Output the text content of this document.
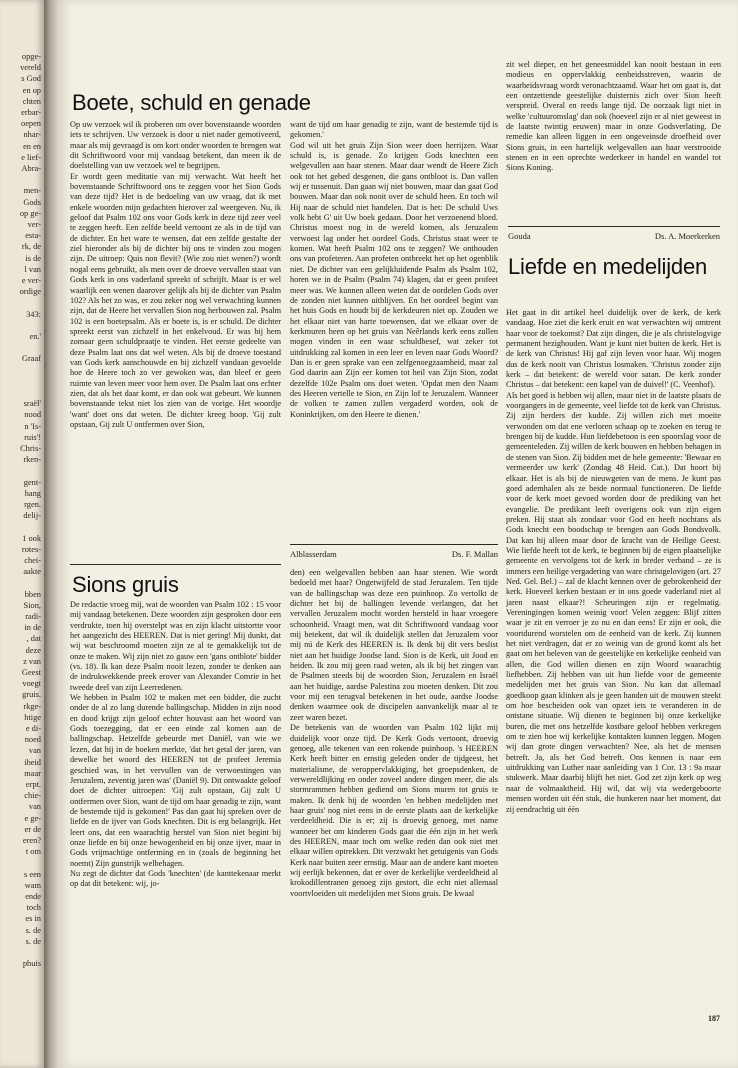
opge-
vereld
s God
en op
chten
erbar-
oepen
nhar-
en en
e lief-
Abra-
men-
Gods
op ge-
ver-
esta-
rk, de
is de
l van
e ver-
ordige
343:
en.'
Graaf
sraël'
nood
n 'Is-
ruis'!
Chris-
rken-
gent-
hang
rgen.
delij-
1 ook
rotes-
chei-
aakte
bben
Sion,
radi-
in de
, dat
deze
z van
Geest
voegt
gruis.
rkge-
htige
e di-
noed
van
iheid
maar
erpt.
chie-
van
e ge-
er de
eren?
t om
s een
wam
ende
toch
es in
s. de
s. de
phuis

zit wel dieper, en het geneesmiddel kan nooit bestaan in een modieus en oppervlakkig eenheidsstreven, waarin de waarheidsvraag wordt veronachtzaamd. Waar het om gaat is, dat een ontzettende geestelijke duisternis zich over Sion heeft verspreid. Overal en reeds lange tijd. De oorzaak ligt niet in welke 'cultuuromslag' dan ook (hoeveel zijn er al niet geweest in de laatste twintig eeuwen) maar in onze Godsverlating. De remedie kan alleen liggen in een ongeveinsde droefheid over Sions gruis, in een hartelijk welgevallen aan haar verstrooide stenen en in een oprechte wederkeer in handel en wandel tot Sions Koning.

Gouda	Ds. A. Moerkerken
Boete, schuld en genade

Op uw verzoek wil ik proberen om over bovenstaande woorden iets te schrijven. Uw verzoek is door u niet nader gemotiveerd, maar als mij gevraagd is om kort onder woorden te brengen wat dit Schriftwoord voor mij vandaag betekent, dan meen ik de doelstelling van uw verzoek wel te begrijpen.

Er wordt geen meditatie van mij verwacht. Wat heeft het bovenstaande Schriftwoord ons te zeggen voor het Sion Gods van deze tijd? Het is de bedoeling van uw vraag, dat ik met enkele woorden mijn gedachten hierover zal weergeven. Nu, ik geloof dat Psalm 102 ons voor Gods kerk in deze tijd zeer veel te zeggen heeft. Een zelfde beeld vertoont ze als in de tijd van de dichter. En het ware te wensen, dat een zelfde gestalte der ziel hieronder als bij de dichter bij ons te vinden zou mogen zijn. De uitroep: Quis non flevit? (Wie zou niet wenen?) wordt nogal eens gebruikt, als men over de droeve vervallen staat van Gods kerk in ons vaderland spreekt of schrijft. Maar is er wel waarlijk een wenen daarover gelijk als bij de dichter van Psalm 102? Als het zo was, er zou zeker nog wel verwachting kunnen zijn, dat de Heere het vervallen Sion nog herbouwen zal. Psalm 102 is een boetepsalm. Als er boete is, is er schuld. De dichter spreekt eerst van zichzelf in het enkelvoud. Er was bij hem zomaar geen schuldpraatje te vinden. Het eerste gedeelte van deze Psalm laat ons dat wel weten. Als bij de droeve toestand van Gods kerk aanschouwde en bij zichzelf vandaan gevoelde hoe de Heere toch zo ver gewoken was, dan bleef er geen ruimte van leven meer voor hem over. De Psalm laat ons echter zien, dat als het daar komt, er dan ook wat gebeurt. We kunnen bovenstaande tekst niet los zien van de vorige. Het woordje 'want' doet ons dat weten. De dichter kreeg hoop. 'Gij zult opstaan, Gij zult U ontfermen over Sion,

want de tijd om haar genadig te zijn, want de bestemde tijd is gekomen.'

God wil uit het gruis Zijn Sion weer doen herrijzen. Waar schuld is, is genade. Zo krijgen Gods knechten een welgevallen aan haar stenen. Maar daar wendt de Heere Zich ook tot het gebed desgenen, die gans ontbloot is. Dan vallen wij er tussenuit. Dan gaan wij niet bouwen, maar dan gaat God bouwen. Maar dan ook nooit over de schuld heen. En toch wil Hij naar de schuld niet handelen. Dat is het: De schuld Uws volk hebt G' uit Uw boek gedaan. Door het verzoenend bloed. Christus moest nog in de wereld komen, als Jeruzalem verwoest lag onder het oordeel Gods. Christus staat weer te komen. Wat heeft Psalm 102 ons te zeggen? We onthouden ons van profeteren. Aan profeten ontbreekt het op het ogenblik niet. De dichter van een gelijkluidende Psalm als Psalm 102, horen we in de Psalm (Psalm 74) klagen, dat er geen profeet meer was. We kunnen alleen weten dat de oordelen Gods over de zonden niet kunnen uitblijven. En het oordeel begint van het huis Gods en houdt bij de kerkdeuren niet op. Zouden we het elkaar niet van harte toewensen, dat we elkaar over de kerkmuren heen op het gruis van Neêrlands kerk eens zullen mogen vinden in een waar schuldbesef, wat zeker tot uitdrukking zal komen in een leer en leven naar Gods Woord? Dan is er geen sprake van een zelfgenoegzaamheid, maar zal God daarin aan Zijn eer komen tot heil van Zijn Sion, zodat dezelfde 102e Psalm ons doet weten. 'Opdat men den Naam des Heeren vertelle te Sion, en Zijn lof te Jeruzalem. Wanneer de volken te zamen zullen vergaderd worden, ook de Koninkrijken, om den Heere te dienen.'

Alblasserdam	Ds. F. Mallan
Sions gruis

De redactie vroeg mij, wat de woorden van Psalm 102 : 15 voor mij vandaag betekenen. Deze woorden zijn gesproken door een verdrukte, toen hij overstelpt was en zijn klacht uitstortte voor het aangezicht des HEEREN. Dat is niet gering! Mij dunkt, dat wij wat beschroomd moeten zijn ze al te gemakkelijk tot de onze te maken. Wij zijn niet zo gauw een 'gans ontblote' bidder (vs. 18). Ik kan deze Psalm nooit lezen, zonder te denken aan de indrukwekkende preek erover van Alexander Comrie in het tweede deel van zijn Leerredenen.

We hebben in Psalm 102 te maken met een bidder, die zucht onder de al zo lang durende ballingschap. Midden in zijn nood en dood krijgt zijn geloof echter houvast aan het woord van Gods toezegging, dat er een einde zal komen aan de ballingschap. Hetzelfde gebeurde met Daniël, van wie we lezen, dat hij in de boeken merkte, 'dat het getal der jaren, van dewelke het woord des HEEREN tot de profeet Jeremia geschied was, in het vervullen van de verwoestingen van Jeruzalem, zeventig jaren was' (Daniël 9). Dit ontwaakte geloof doet de dichter uitroepen: 'Gij zult opstaan, Gij zult U ontfermen over Sion, want de tijd om haar genadig te zijn, want de bestemde tijd is gekomen!' Pas dan gaat hij spreken over de liefde en de ijver van Gods knechten. Dit is erg belangrijk. Het leert ons, dat een waarachtig herstel van Sion niet begint bij onze liefde en bij onze bewogenheid en bij onze ijver, maar in Gods vrijmachtige ontferming en in (zoals de beginning het noemt) Zijn gunstrijk welbehagen.

Nu zegt de dichter dat Gods 'knechten' (de kanttekenaar merkt op dat dit betekent: wij, jo-

den) een welgevallen hebben aan haar stenen. Wie wordt bedoeld met haar? Ongetwijfeld de stad Jeruzalem. Ten tijde van de ballingschap was deze een puinhoop. Zo vertolkt de dichter het bij de ballingen levende verlangen, dat het vervallen Jeruzalem mocht worden hersteld in haar vroegere schoonheid. Vraagt men, wat dit Schriftwoord vandaag voor mij betekent, dat wil ik duidelijk stellen dat Jeruzalem voor mij nú de Kerk des HEEREN is. Ik denk bij dit vers beslist niet aan het huidige Joodse land. Sion is de Kerk, uit Jood en heiden. Ik zou mij geen raad weten, als ik bij het zingen van de Psalmen steeds bij de woorden Sion, Jeruzalem en Israël aan het huidige, aardse Palestina zou moeten denken. Dit zou voor mij een terugval betekenen in het oude, aardse Joodse denken waarmee ook de discipelen aanvankelijk maar al te zeer waren bezet.

De betekenis van de woorden van Psalm 102 lijkt mij duidelijk voor onze tijd. De Kerk Gods vertoont, droevig genoeg, alle tekenen van een rokende puinhoop. 's HEEREN Kerk heeft bitter en ernstig geleden onder de tijdgeest, het materialisme, de veroppervlakkiging, het groepsdenken, de verwereldlijking en onder zoveel andere dingen meer, die als stormrammen hebben gediend om Sions muren tot gruis te maken. Ik denk bij de woorden 'en hebben medelijden met haar gruis' nog niet eens in de eerste plaats aan de kerkelijke verdeeldheid. Die is er; zij is droevig genoeg, met name wanneer het om kinderen Gods gaat die één zijn in het werk des HEEREN, maar toch om welke reden dan ook niet met elkaar willen optrekken. Dit verzwakt het getuigenis van Gods Kerk naar buiten zeer ernstig. Maar aan de andere kant moeten wij eerlijk bekennen, dat er over de kerkelijke verdeeldheid al krokodillentranen genoeg zijn gestort, die echt niet allemaal voortvloeiden uit medelijden met Sions gruis. De kwaal

Liefde en medelijden

Het gaat in dit artikel heel duidelijk over de kerk, de kerk vandaag. Hoe ziet die kerk eruit en wat verwachten wij omtrent haar voor de toekomst? Dat zijn dingen, die je als christelogvige permanent bezighouden. Want je kunt niet buiten de kerk. Het is de kerk van Christus! Hij gaf zijn leven voor haar. Wij mogen dus de kerk nooit van Christus losmaken. 'Christus zonder zijn kerk – dat betekent: de wereld voor satan. De kerk zonder Christus – dat betekent: een kapel van de duivel!' (C. Veenhof).

Als het goed is hebben wij allen, maar niet in de laatste plaats de voorgangers in de gemeente, veel liefde tot de kerk van Christus. Zij zijn herders der kudde. Zij willen zich met moeite verwonden om dat ene verloren schaap op te zoeken en terug te brengen bij de kudde. Hun liefdebetoon is een spoorslag voor de gemeenteleden. Zij willen de kerk bouwen en hebben behagen in de stenen van Sion. Zij bidden met de hele gemeente: 'Bewaar en vermeerder uw kerk' (Zondag 48 Heid. Cat.). Dat hoort bij elkaar. Het is als bij de nieuwgeten van de mens. Je kunt pas goed ademhalen als ze beide normaal functioneren. De liefde voor de kerk moet gevoed worden door de prediking van het evangelie. De predikant leeft overigens ook van zijn eigen preken. Hij staat als zondaar voor God en heeft nochtans als Gods knecht een boodschap te brengen aan Gods Bondsvolk. Dat kan hij alleen maar door de kracht van de Heilige Geest. Wie liefde heeft tot de kerk, te beginnen bij de eigen plaatselijke gemeente en vervolgens tot de kerk in breder verband – ze is immers een heilige vergadering van ware christgelovigen (art. 27 Ned. Gel. Bel.) – zal de klacht kennen over de gebrokenheid der kerk. Hoeveel kerken bestaan er in ons goede vaderland niet al jaren naast elkaar?! Scheuringen zijn er regelmatig. Vereningingen komen weinig voor! Velen zeggen: Blijf zitten waar je zit en verroer je zo nu en dan eens! Er zijn er ook, die voortdurend worstelen om de eenheid van de kerk. Zij kunnen het niet verdragen, dat er zo weinig van de grond komt als het gaat om het beleven van de geestelijke en kerkelijke eenheid van allen, die God willen dienen en zijn Woord waarachtig liefhebben. Zij hebben van uit hun liefde voor de gemeente medelijden met het gruis van Sion. Nu kan dat allemaal goedkoop gaan klinken als je geen handen uit de mouwen steekt om hoe bescheiden ook van opzet iets te veranderen in de ontstane situatie. Wij dienen te beginnen bij onze kerkelijke buren, die met ons hetzelfde kostbare geloof hebben verkregen om te zien hoe wij kerkelijke kontakten kunnen leggen. Mogen wij dan grote dingen verwachten? Nee, als het de mensen betreft. Ja, als het God betreft. Ons kennen is naar een uitdrukking van Luther naar aanleiding van 1 Cor. 13 : 9a maar stukwerk. Maar daarbij blijft het niet. God zet zijn kerk op weg naar de volmaaktheid. Hij wil, dat wij via wedergeboorte mensen worden uit één stuk, die hunkeren naar het moment, dat zij eendrachtig uit één

187
